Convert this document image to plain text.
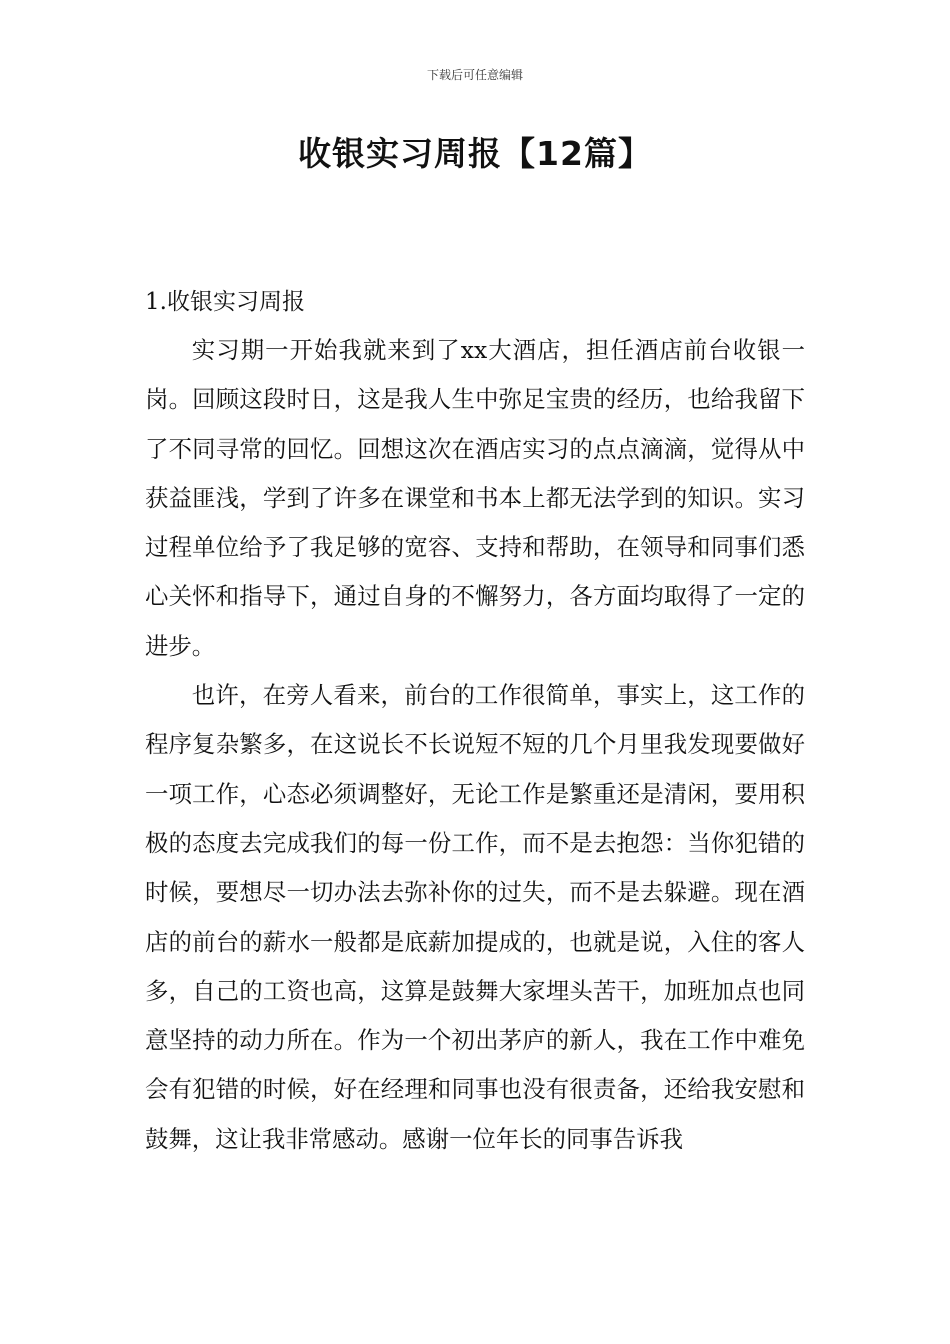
下载后可任意编辑
收银实习周报【12篇】
1.收银实习周报

实习期一开始我就来到了xx大酒店，担任酒店前台收银一岗。回顾这段时日，这是我人生中弥足宝贵的经历，也给我留下了不同寻常的回忆。回想这次在酒店实习的点点滴滴，觉得从中获益匪浅，学到了许多在课堂和书本上都无法学到的知识。实习过程单位给予了我足够的宽容、支持和帮助，在领导和同事们悉心关怀和指导下，通过自身的不懈努力，各方面均取得了一定的进步。

也许，在旁人看来，前台的工作很简单，事实上，这工作的程序复杂繁多，在这说长不长说短不短的几个月里我发现要做好一项工作，心态必须调整好，无论工作是繁重还是清闲，要用积极的态度去完成我们的每一份工作，而不是去抱怨：当你犯错的时候，要想尽一切办法去弥补你的过失，而不是去躲避。现在酒店的前台的薪水一般都是底薪加提成的，也就是说，入住的客人多，自己的工资也高，这算是鼓舞大家埋头苦干，加班加点也同意坚持的动力所在。作为一个初出茅庐的新人，我在工作中难免会有犯错的时候，好在经理和同事也没有很责备，还给我安慰和鼓舞，这让我非常感动。感谢一位年长的同事告诉我
